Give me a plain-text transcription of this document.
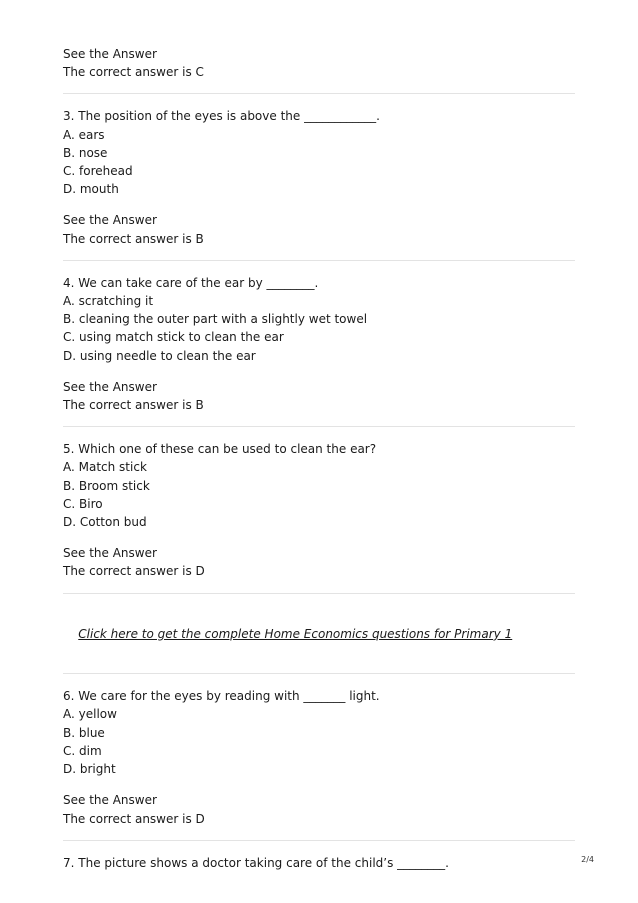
See the Answer
The correct answer is C
3. The position of the eyes is above the ____________.
A. ears
B. nose
C. forehead
D. mouth
See the Answer
The correct answer is B
4. We can take care of the ear by ________.
A. scratching it
B. cleaning the outer part with a slightly wet towel
C. using match stick to clean the ear
D. using needle to clean the ear
See the Answer
The correct answer is B
5. Which one of these can be used to clean the ear?
A. Match stick
B. Broom stick
C. Biro
D. Cotton bud
See the Answer
The correct answer is D

Click here to get the complete Home Economics questions for Primary 1

6. We care for the eyes by reading with _______ light.
A. yellow
B. blue
C. dim
D. bright
See the Answer
The correct answer is D
7. The picture shows a doctor taking care of the child’s ________.	2/4
